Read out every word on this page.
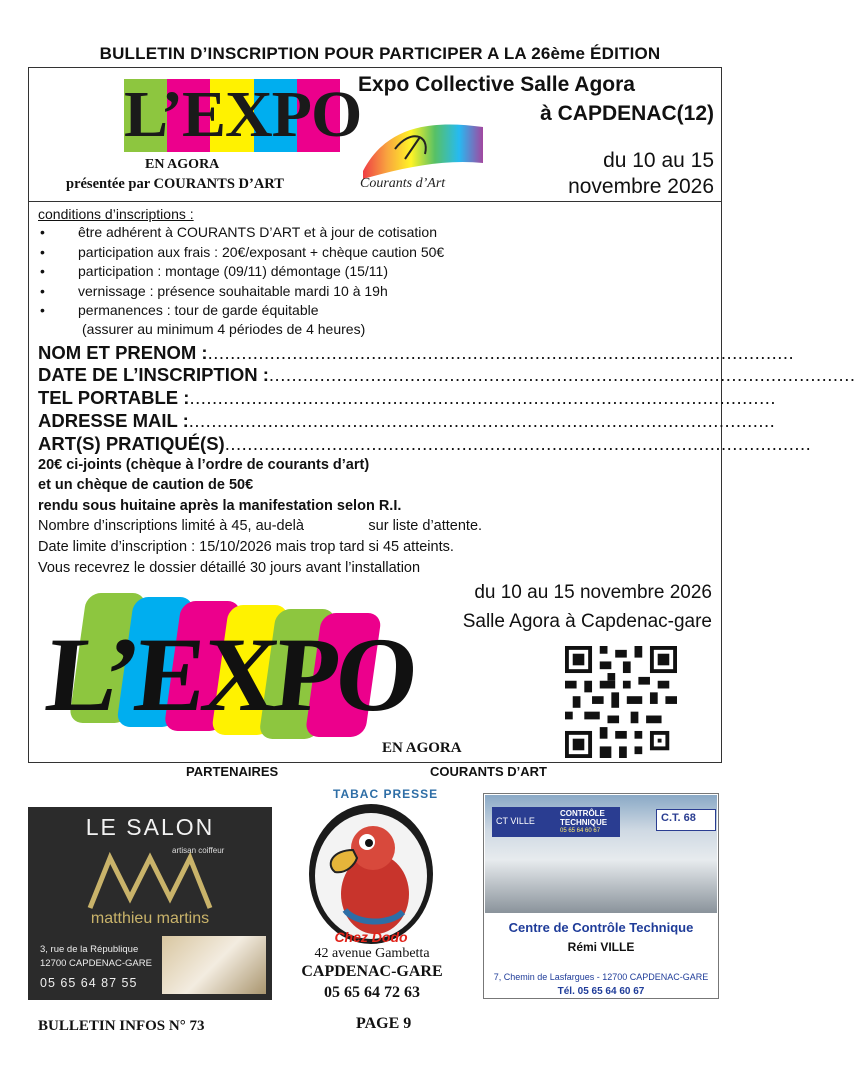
BULLETIN D’INSCRIPTION POUR PARTICIPER A LA 26ème ÉDITION
L’EXPO
EN AGORA
présentée par COURANTS D’ART	Courants d’Art
Expo Collective Salle Agora
à CAPDENAC(12)
du 10 au 15
novembre 2026
conditions d’inscriptions :
• être adhérent à COURANTS D’ART et à jour de cotisation
• participation aux frais : 20€/exposant + chèque caution 50€
• participation : montage (09/11) démontage (15/11)
• vernissage : présence souhaitable mardi 10 à 19h
• permanences : tour de garde équitable
(assurer au minimum 4 périodes de 4 heures)
NOM ET PRENOM :........................................................................................................
DATE DE L’INSCRIPTION :........................................................................................................
TEL PORTABLE :........................................................................................................
ADRESSE MAIL :........................................................................................................
ART(S) PRATIQUÉ(S)........................................................................................................
20€ ci-joints (chèque à l’ordre de courants d’art)
et un chèque de caution de 50€
rendu sous huitaine après la manifestation selon R.I.
Nombre d’inscriptions limité à 45, au-delà                sur liste d’attente.
Date limite d’inscription : 15/10/2026 mais trop tard si 45 atteints.
Vous recevrez le dossier détaillé 30 jours avant l’installation
du 10 au 15 novembre 2026
Salle Agora à Capdenac-gare
L’EXPO
EN AGORA
PARTENAIRES	COURANTS D’ART
LE SALON
artisan coiffeur
matthieu martins
3, rue de la République
12700 CAPDENAC-GARE
05 65 64 87 55
TABAC PRESSE
Chez Dodo
42 avenue Gambetta
CAPDENAC-GARE
05 65 64 72 63
CT VILLE
CONTRÔLE
TECHNIQUE
05 65 64 60 67
C.T. 68
Centre de Contrôle Technique
Rémi VILLE
7, Chemin de Lasfargues - 12700 CAPDENAC-GARE
Tél. 05 65 64 60 67
BULLETIN INFOS N° 73	PAGE 9
